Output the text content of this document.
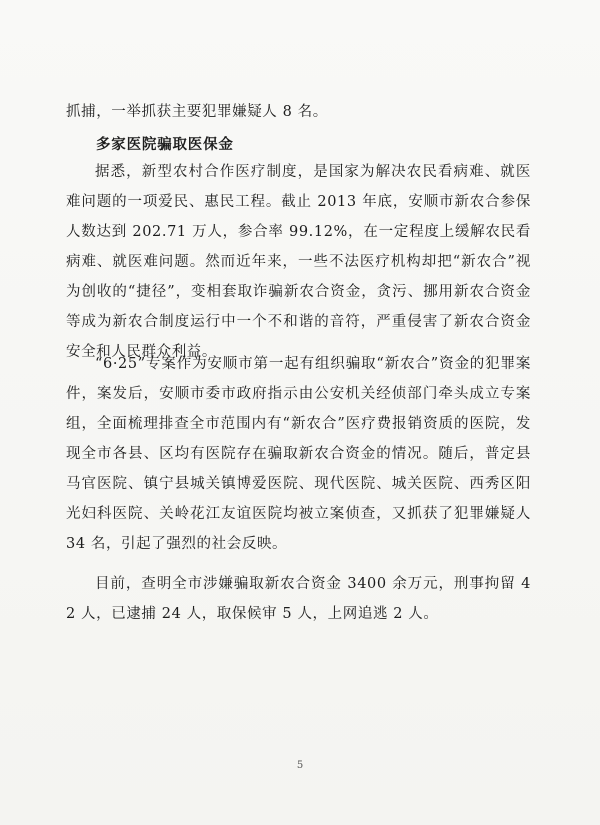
抓捕，一举抓获主要犯罪嫌疑人 8 名。
多家医院骗取医保金
据悉，新型农村合作医疗制度，是国家为解决农民看病难、就医难问题的一项爱民、惠民工程。截止 2013 年底，安顺市新农合参保人数达到 202.71 万人，参合率 99.12%，在一定程度上缓解农民看病难、就医难问题。然而近年来，一些不法医疗机构却把“新农合”视为创收的“捷径”，变相套取诈骗新农合资金，贪污、挪用新农合资金等成为新农合制度运行中一个不和谐的音符，严重侵害了新农合资金安全和人民群众利益。
“6·25”专案作为安顺市第一起有组织骗取“新农合”资金的犯罪案件，案发后，安顺市委市政府指示由公安机关经侦部门牵头成立专案组，全面梳理排查全市范围内有“新农合”医疗费报销资质的医院，发现全市各县、区均有医院存在骗取新农合资金的情况。随后，普定县马官医院、镇宁县城关镇博爱医院、现代医院、城关医院、西秀区阳光妇科医院、关岭花江友谊医院均被立案侦查，又抓获了犯罪嫌疑人 34 名，引起了强烈的社会反映。
目前，查明全市涉嫌骗取新农合资金 3400 余万元，刑事拘留 42 人，已逮捕 24 人，取保候审 5 人，上网追逃 2 人。
5
